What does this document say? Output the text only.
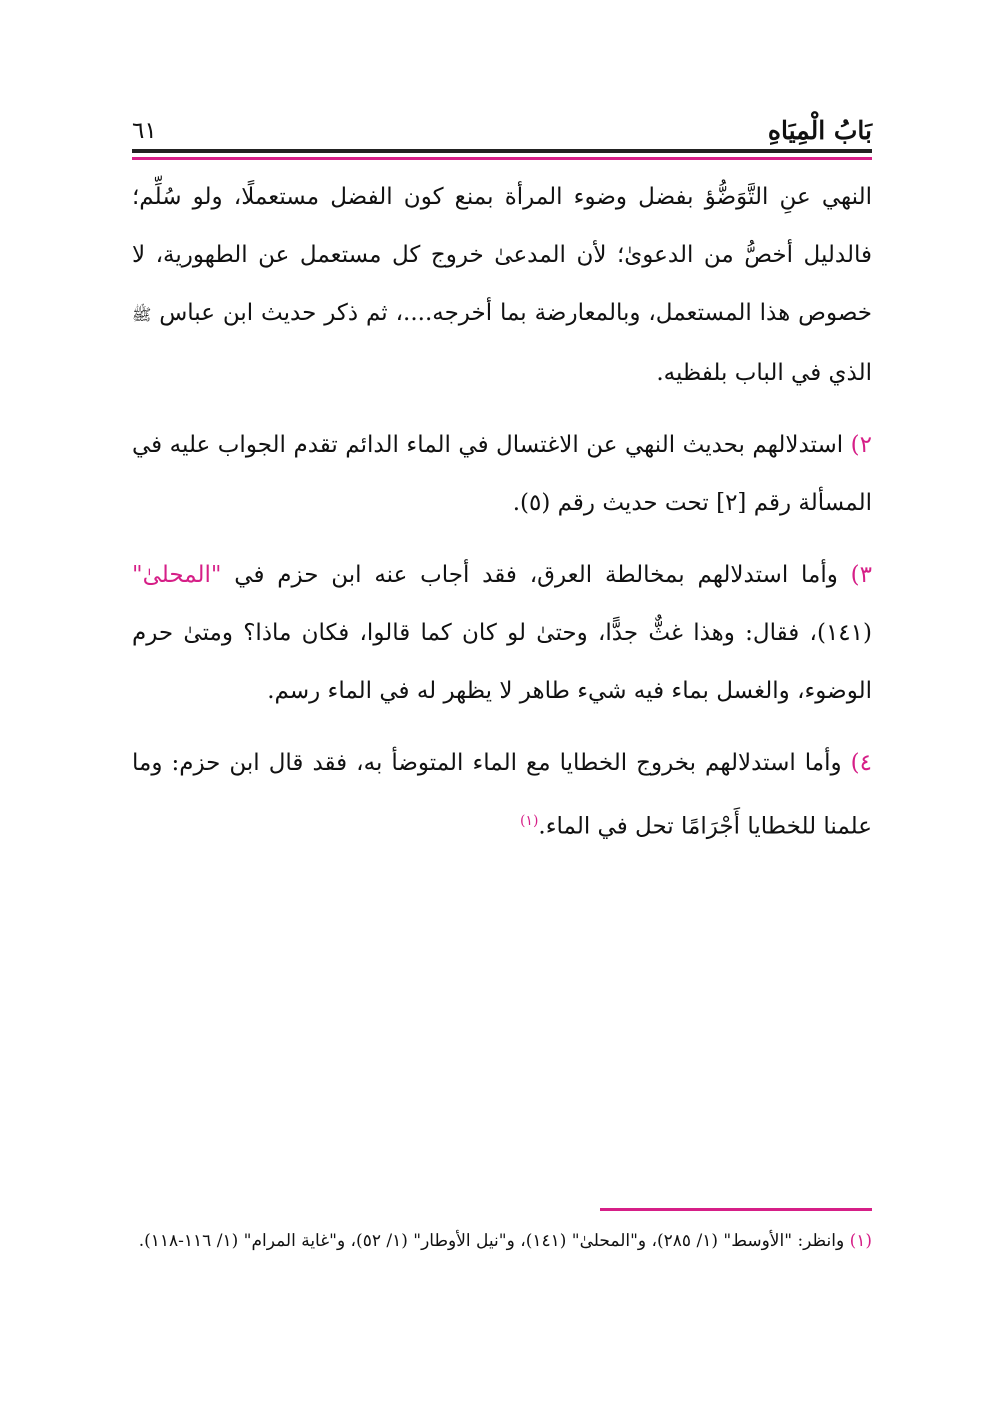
بَابُ الْمِيَاهِ
٦١

النهي عنِ التَّوَضُّؤ بفضل وضوء المرأة بمنع كون الفضل مستعملًا، ولو سُلِّم؛ فالدليل أخصُّ من الدعوىٰ؛ لأن المدعىٰ خروج كل مستعمل عن الطهورية، لا خصوص هذا المستعمل، وبالمعارضة بما أخرجه....، ثم ذكر حديث ابن عباس ﷺ الذي في الباب بلفظيه.

٢) استدلالهم بحديث النهي عن الاغتسال في الماء الدائم تقدم الجواب عليه في المسألة رقم [٢] تحت حديث رقم (٥).

٣) وأما استدلالهم بمخالطة العرق، فقد أجاب عنه ابن حزم في "المحلىٰ" (١٤١)، فقال: وهذا غثٌّ جدًّا، وحتىٰ لو كان كما قالوا، فكان ماذا؟ ومتىٰ حرم الوضوء، والغسل بماء فيه شيء طاهر لا يظهر له في الماء رسم.

٤) وأما استدلالهم بخروج الخطايا مع الماء المتوضأ به، فقد قال ابن حزم: وما علمنا للخطايا أَجْرَامًا تحل في الماء.$^{(١)}$

(١) وانظر: "الأوسط" (١/ ٢٨٥)، و"المحلىٰ" (١٤١)، و"نيل الأوطار" (١/ ٥٢)، و"غاية المرام" (١/ ١١٦-١١٨).
